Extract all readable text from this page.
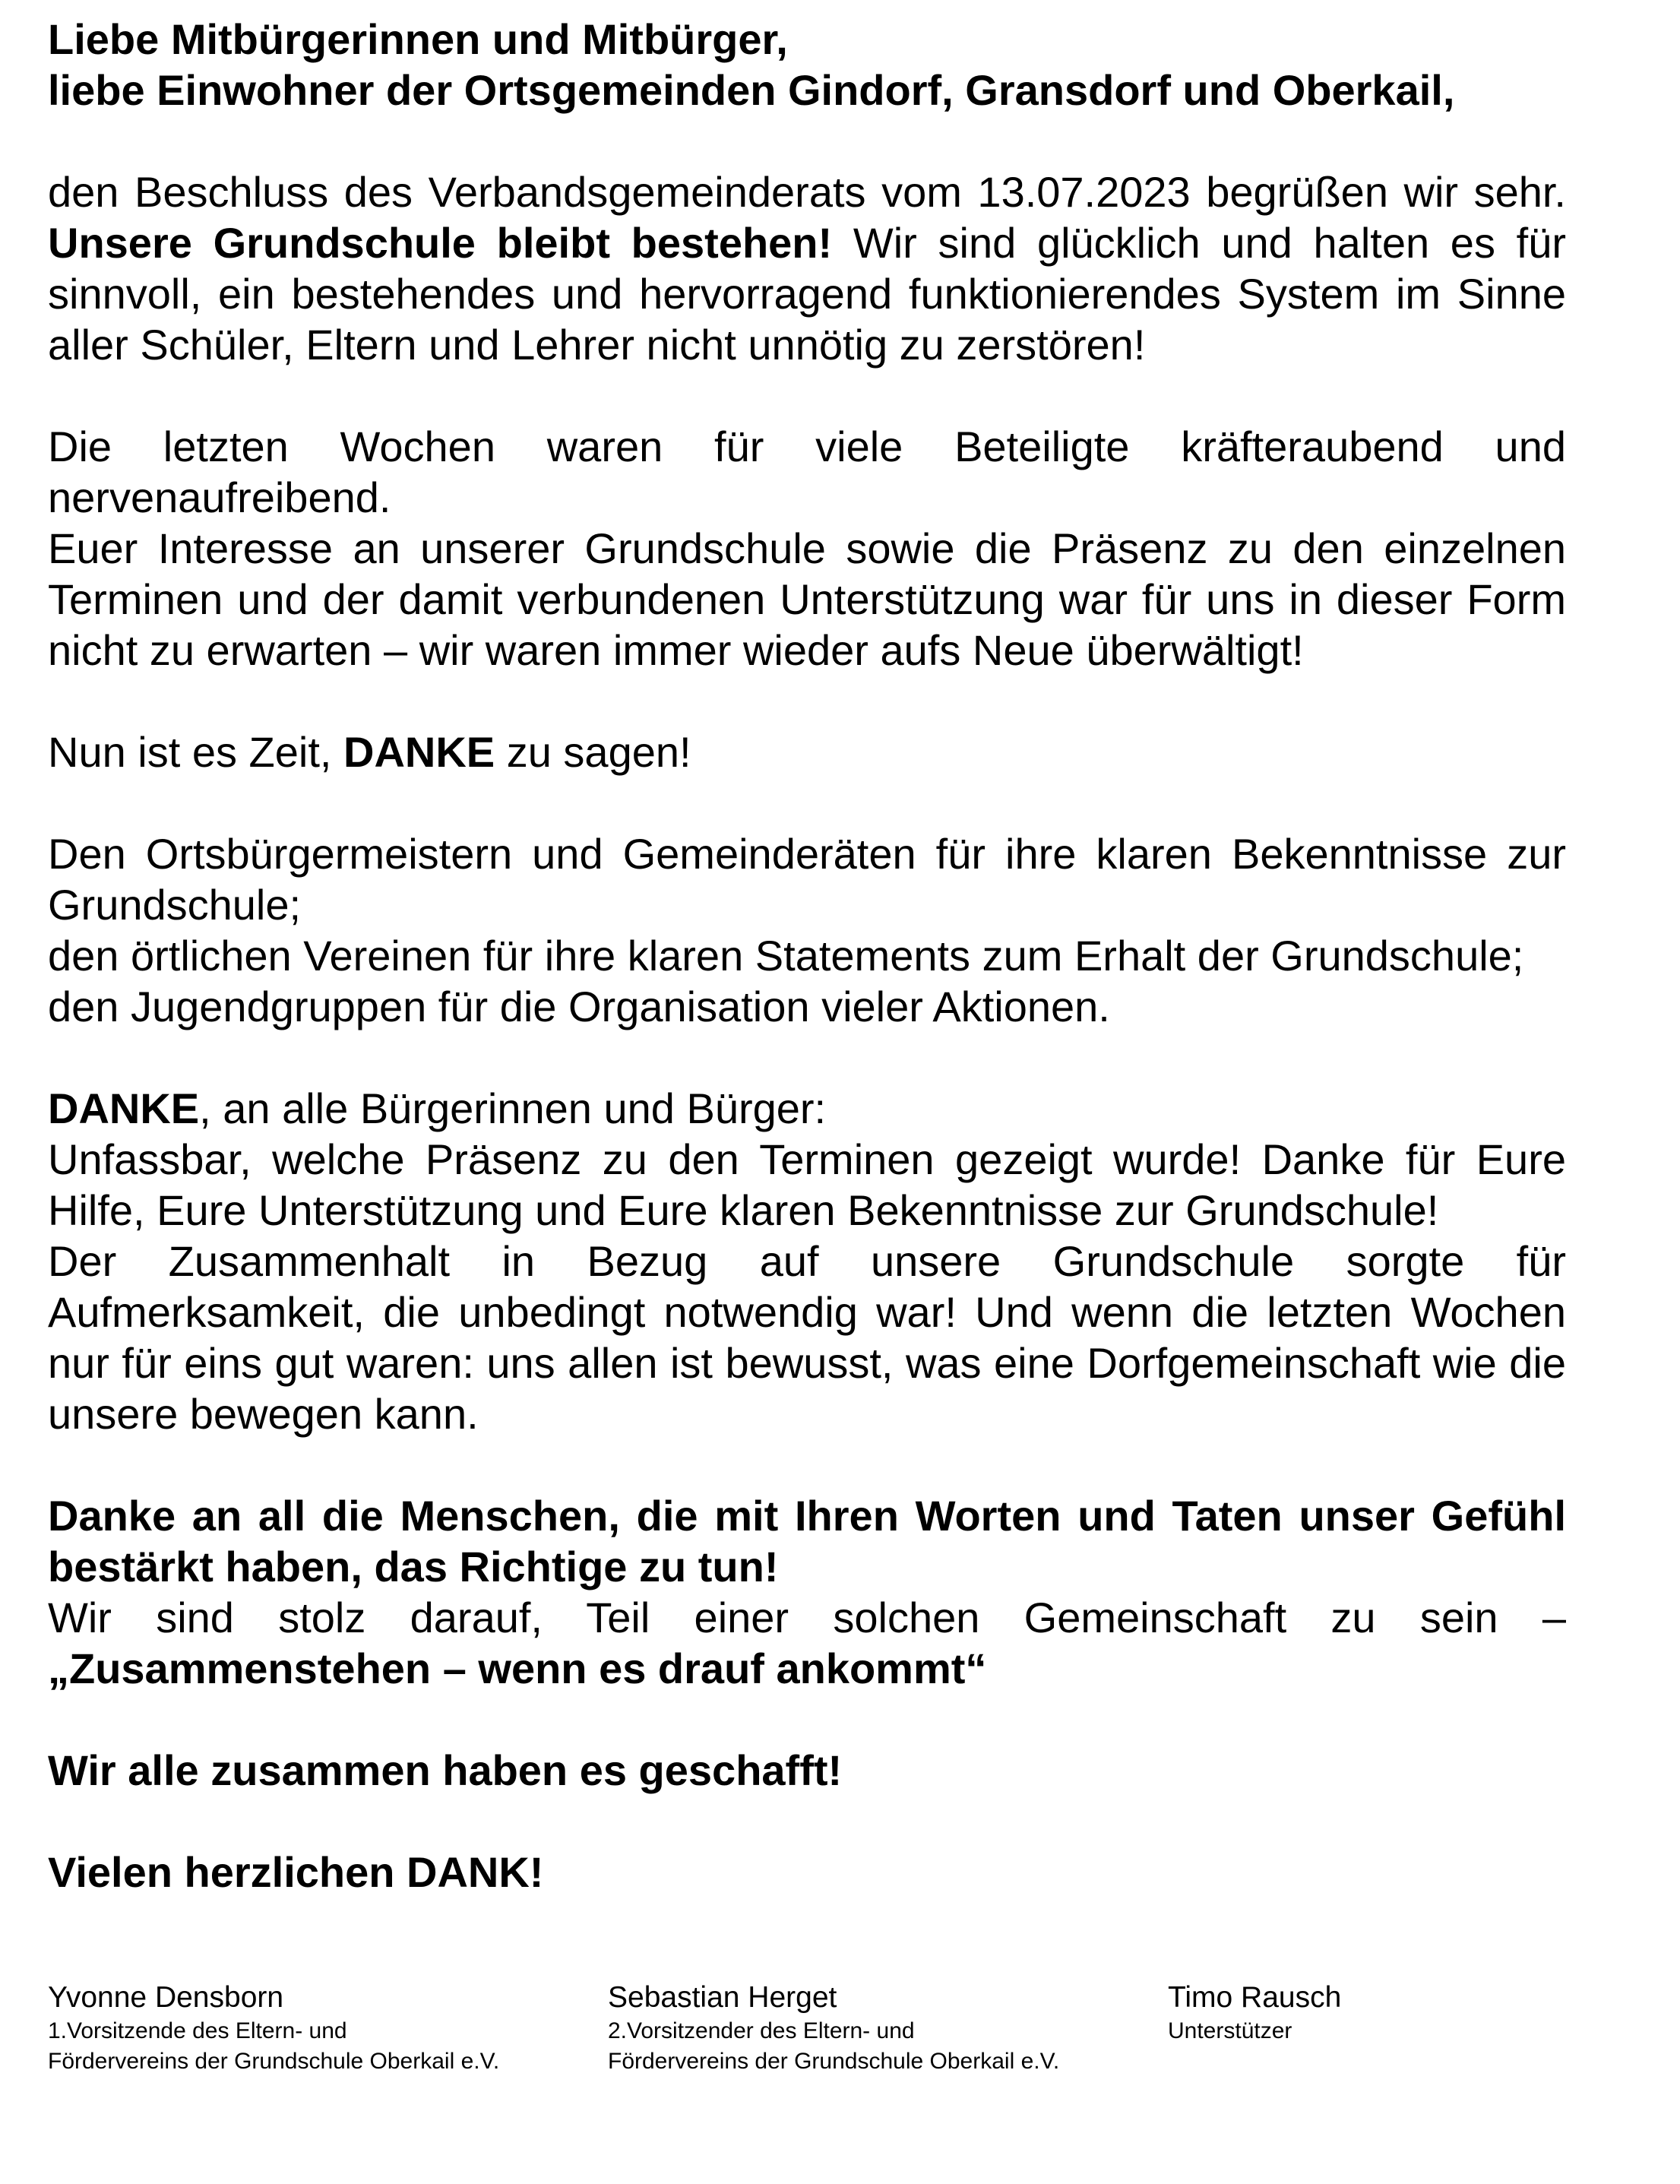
Liebe Mitbürgerinnen und Mitbürger,
liebe Einwohner der Ortsgemeinden Gindorf, Gransdorf und Oberkail,

den Beschluss des Verbandsgemeinderats vom 13.07.2023 begrüßen wir sehr. Unsere Grundschule bleibt bestehen! Wir sind glücklich und halten es für sinnvoll, ein bestehendes und hervorragend funktionierendes System im Sinne aller Schüler, Eltern und Lehrer nicht unnötig zu zerstören!

Die letzten Wochen waren für viele Beteiligte kräfteraubend und nervenaufreibend.
Euer Interesse an unserer Grundschule sowie die Präsenz zu den einzelnen Terminen und der damit verbundenen Unterstützung war für uns in dieser Form nicht zu erwarten – wir waren immer wieder aufs Neue überwältigt!

Nun ist es Zeit, DANKE zu sagen!

Den Ortsbürgermeistern und Gemeinderäten für ihre klaren Bekenntnisse zur Grundschule;
den örtlichen Vereinen für ihre klaren Statements zum Erhalt der Grundschule;
den Jugendgruppen für die Organisation vieler Aktionen.

DANKE, an alle Bürgerinnen und Bürger:
Unfassbar, welche Präsenz zu den Terminen gezeigt wurde! Danke für Eure Hilfe, Eure Unterstützung und Eure klaren Bekenntnisse zur Grundschule!
Der Zusammenhalt in Bezug auf unsere Grundschule sorgte für Aufmerksamkeit, die unbedingt notwendig war! Und wenn die letzten Wochen nur für eins gut waren: uns allen ist bewusst, was eine Dorfgemeinschaft wie die unsere bewegen kann.

Danke an all die Menschen, die mit Ihren Worten und Taten unser Gefühl bestärkt haben, das Richtige zu tun!
Wir sind stolz darauf, Teil einer solchen Gemeinschaft zu sein –
„Zusammenstehen – wenn es drauf ankommt“

Wir alle zusammen haben es geschafft!

Vielen herzlichen DANK!

Yvonne Densborn
1.Vorsitzende des Eltern- und
Fördervereins der Grundschule Oberkail e.V.
Sebastian Herget
2.Vorsitzender des Eltern- und
Fördervereins der Grundschule Oberkail e.V.
Timo Rausch
Unterstützer
